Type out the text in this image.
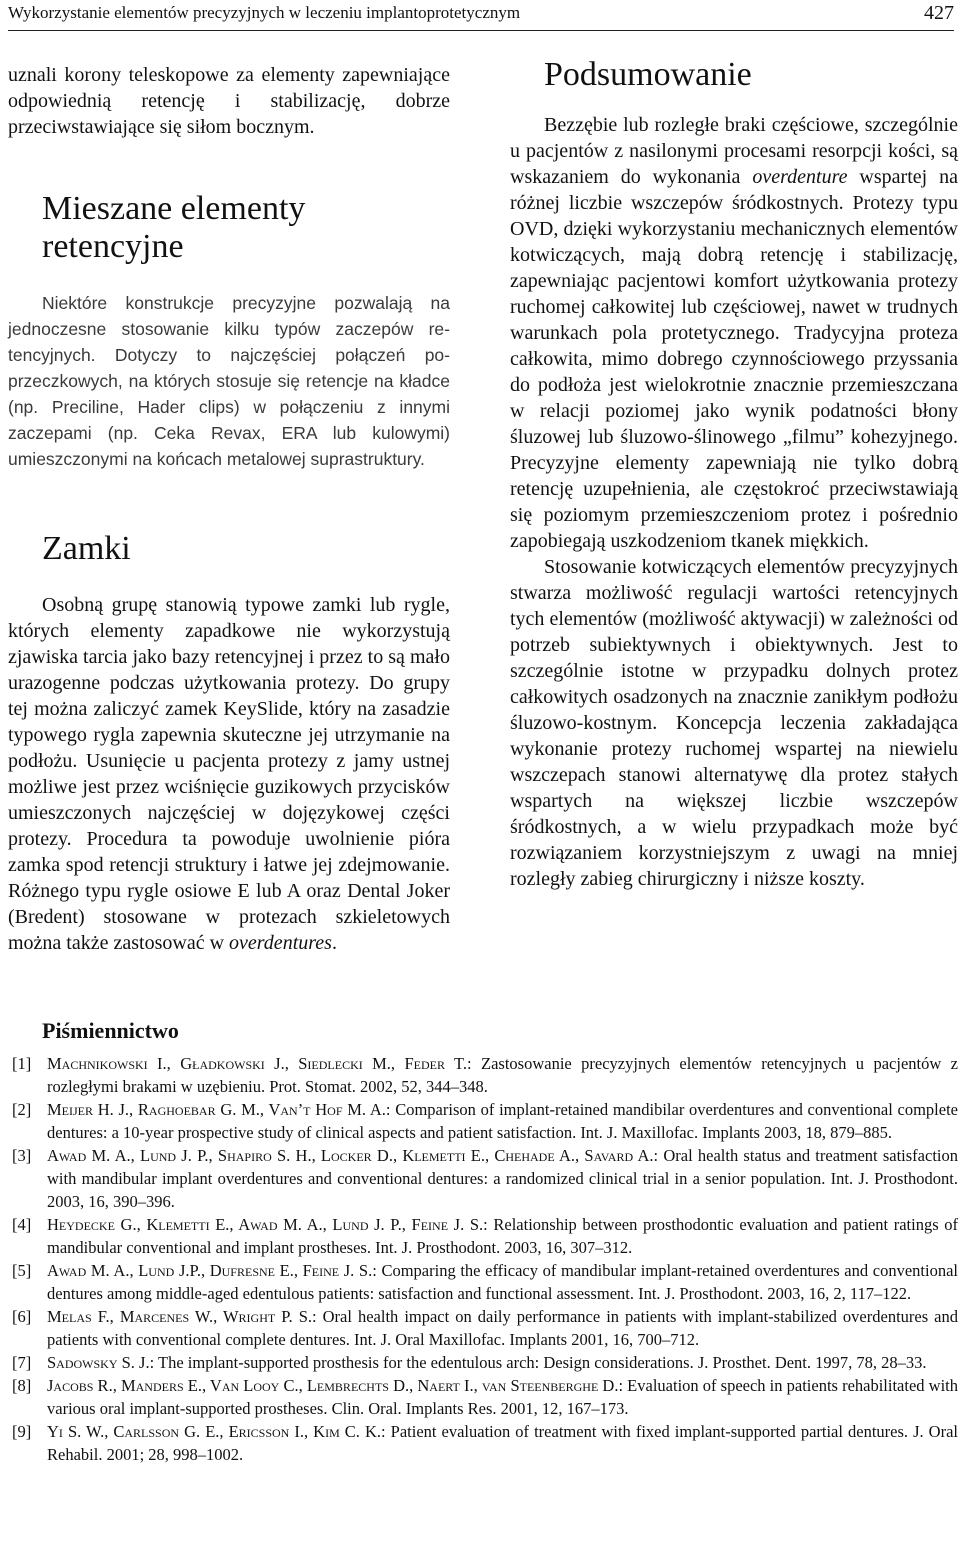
Wykorzystanie elementów precyzyjnych w leczeniu implantoprotetycznym	427

uznali korony teleskopowe za elementy zapewniające odpowiednią retencję i stabilizację, dobrze przeciwstawiające się siłom bocznym.

Mieszane elementy
retencyjne

Niektóre konstrukcje precyzyjne pozwalają na jednoczesne stosowanie kilku typów zaczepów retencyjnych. Dotyczy to najczęściej połączeń poprzeczkowych, na których stosuje się retencje na kładce (np. Preciline, Hader clips) w połączeniu z innymi zaczepami (np. Ceka Revax, ERA lub kulowymi) umieszczonymi na końcach metalowej suprastruktury.

Zamki

Osobną grupę stanowią typowe zamki lub rygle, których elementy zapadkowe nie wykorzystują zjawiska tarcia jako bazy retencyjnej i przez to są mało urazogenne podczas użytkowania protezy. Do grupy tej można zaliczyć zamek KeySlide, który na zasadzie typowego rygla zapewnia skuteczne jej utrzymanie na podłożu. Usunięcie u pacjenta protezy z jamy ustnej możliwe jest przez wciśnięcie guzikowych przycisków umieszczonych najczęściej w dojęzykowej części protezy. Procedura ta powoduje uwolnienie pióra zamka spod retencji struktury i łatwe jej zdejmowanie. Różnego typu rygle osiowe E lub A oraz Dental Joker (Bredent) stosowane w protezach szkieletowych można także zastosować w overdentures.

Podsumowanie

Bezzębie lub rozległe braki częściowe, szczególnie u pacjentów z nasilonymi procesami resorpcji kości, są wskazaniem do wykonania overdenture wspartej na różnej liczbie wszczepów śródkostnych. Protezy typu OVD, dzięki wykorzystaniu mechanicznych elementów kotwiczących, mają dobrą retencję i stabilizację, zapewniając pacjentowi komfort użytkowania protezy ruchomej całkowitej lub częściowej, nawet w trudnych warunkach pola protetycznego. Tradycyjna proteza całkowita, mimo dobrego czynnościowego przyssania do podłoża jest wielokrotnie znacznie przemieszczana w relacji poziomej jako wynik podatności błony śluzowej lub śluzowo-ślinowego „filmu” kohezyjnego. Precyzyjne elementy zapewniają nie tylko dobrą retencję uzupełnienia, ale częstokroć przeciwstawiają się poziomym przemieszczeniom protez i pośrednio zapobiegają uszkodzeniom tkanek miękkich.

Stosowanie kotwiczących elementów precyzyjnych stwarza możliwość regulacji wartości retencyjnych tych elementów (możliwość aktywacji) w zależności od potrzeb subiektywnych i obiektywnych. Jest to szczególnie istotne w przypadku dolnych protez całkowitych osadzonych na znacznie zanikłym podłożu śluzowo-kostnym. Koncepcja leczenia zakładająca wykonanie protezy ruchomej wspartej na niewielu wszczepach stanowi alternatywę dla protez stałych wspartych na większej liczbie wszczepów śródkostnych, a w wielu przypadkach może być rozwiązaniem korzystniejszym z uwagi na mniej rozległy zabieg chirurgiczny i niższe koszty.

Piśmiennictwo
[1] Machnikowski I., Gładkowski J., Siedlecki M., Feder T.: Zastosowanie precyzyjnych elementów retencyjnych u pacjentów z rozległymi brakami w uzębieniu. Prot. Stomat. 2002, 52, 344–348.
[2] Meijer H. J., Raghoebar G. M., Van’t Hof M. A.: Comparison of implant-retained mandibilar overdentures and conventional complete dentures: a 10-year prospective study of clinical aspects and patient satisfaction. Int. J. Maxillofac. Implants 2003, 18, 879–885.
[3] Awad M. A., Lund J. P., Shapiro S. H., Locker D., Klemetti E., Chehade A., Savard A.: Oral health status and treatment satisfaction with mandibular implant overdentures and conventional dentures: a randomized clinical trial in a senior population. Int. J. Prosthodont. 2003, 16, 390–396.
[4] Heydecke G., Klemetti E., Awad M. A., Lund J. P., Feine J. S.: Relationship between prosthodontic evaluation and patient ratings of mandibular conventional and implant prostheses. Int. J. Prosthodont. 2003, 16, 307–312.
[5] Awad M. A., Lund J.P., Dufresne E., Feine J. S.: Comparing the efficacy of mandibular implant-retained overdentures and conventional dentures among middle-aged edentulous patients: satisfaction and functional assessment. Int. J. Prosthodont. 2003, 16, 2, 117–122.
[6] Melas F., Marcenes W., Wright P. S.: Oral health impact on daily performance in patients with implant-stabilized overdentures and patients with conventional complete dentures. Int. J. Oral Maxillofac. Implants 2001, 16, 700–712.
[7] Sadowsky S. J.: The implant-supported prosthesis for the edentulous arch: Design considerations. J. Prosthet. Dent. 1997, 78, 28–33.
[8] Jacobs R., Manders E., Van Looy C., Lembrechts D., Naert I., van Steenberghe D.: Evaluation of speech in patients rehabilitated with various oral implant-supported prostheses. Clin. Oral. Implants Res. 2001, 12, 167–173.
[9] Yi S. W., Carlsson G. E., Ericsson I., Kim C. K.: Patient evaluation of treatment with fixed implant-supported partial dentures. J. Oral Rehabil. 2001; 28, 998–1002.
